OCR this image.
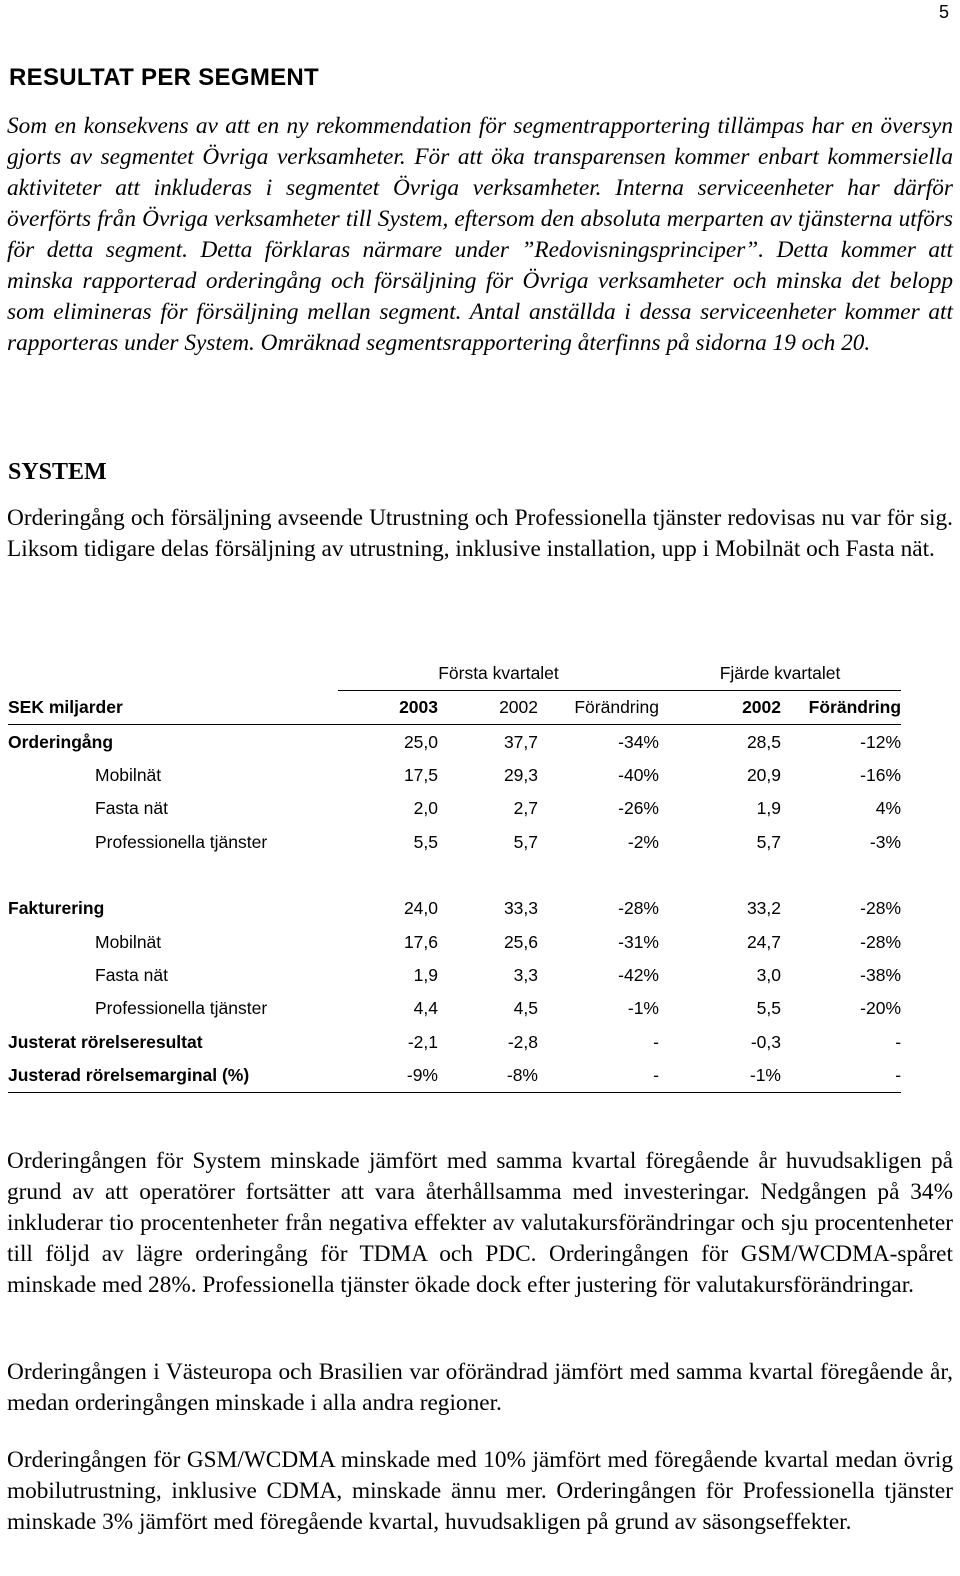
5
RESULTAT PER SEGMENT

Som en konsekvens av att en ny rekommendation för segmentrapportering tillämpas har en översyn gjorts av segmentet Övriga verksamheter. För att öka transparensen kommer enbart kommersiella aktiviteter att inkluderas i segmentet Övriga verksamheter. Interna serviceenheter har därför överförts från Övriga verksamheter till System, eftersom den absoluta merparten av tjänsterna utförs för detta segment. Detta förklaras närmare under ”Redovisningsprinciper”. Detta kommer att minska rapporterad orderingång och försäljning för Övriga verksamheter och minska det belopp som elimineras för försäljning mellan segment. Antal anställda i dessa serviceenheter kommer att rapporteras under System. Omräknad segmentsrapportering återfinns på sidorna 19 och 20.

SYSTEM

Orderingång och försäljning avseende Utrustning och Professionella tjänster redovisas nu var för sig. Liksom tidigare delas försäljning av utrustning, inklusive installation, upp i Mobilnät och Fasta nät.

	Första kvartalet			Fjärde kvartalet	
SEK miljarder	2003	2002	Förändring	2002	Förändring
Orderingång	25,0	37,7	-34%	28,5	-12%
Mobilnät	17,5	29,3	-40%	20,9	-16%
Fasta nät	2,0	2,7	-26%	1,9	4%
Professionella tjänster	5,5	5,7	-2%	5,7	-3%

Fakturering	24,0	33,3	-28%	33,2	-28%
Mobilnät	17,6	25,6	-31%	24,7	-28%
Fasta nät	1,9	3,3	-42%	3,0	-38%
Professionella tjänster	4,4	4,5	-1%	5,5	-20%
Justerat rörelseresultat	-2,1	-2,8	-	-0,3	-
Justerad rörelsemarginal (%)	-9%	-8%	-	-1%	-

Orderingången för System minskade jämfört med samma kvartal föregående år huvudsakligen på grund av att operatörer fortsätter att vara återhållsamma med investeringar. Nedgången på 34% inkluderar tio procentenheter från negativa effekter av valutakursförändringar och sju procentenheter till följd av lägre orderingång för TDMA och PDC. Orderingången för GSM/WCDMA-spåret minskade med 28%. Professionella tjänster ökade dock efter justering för valutakursförändringar.

Orderingången i Västeuropa och Brasilien var oförändrad jämfört med samma kvartal föregående år, medan orderingången minskade i alla andra regioner.

Orderingången för GSM/WCDMA minskade med 10% jämfört med föregående kvartal medan övrig mobilutrustning, inklusive CDMA, minskade ännu mer. Orderingången för Professionella tjänster minskade 3% jämfört med föregående kvartal, huvudsakligen på grund av säsongseffekter.
